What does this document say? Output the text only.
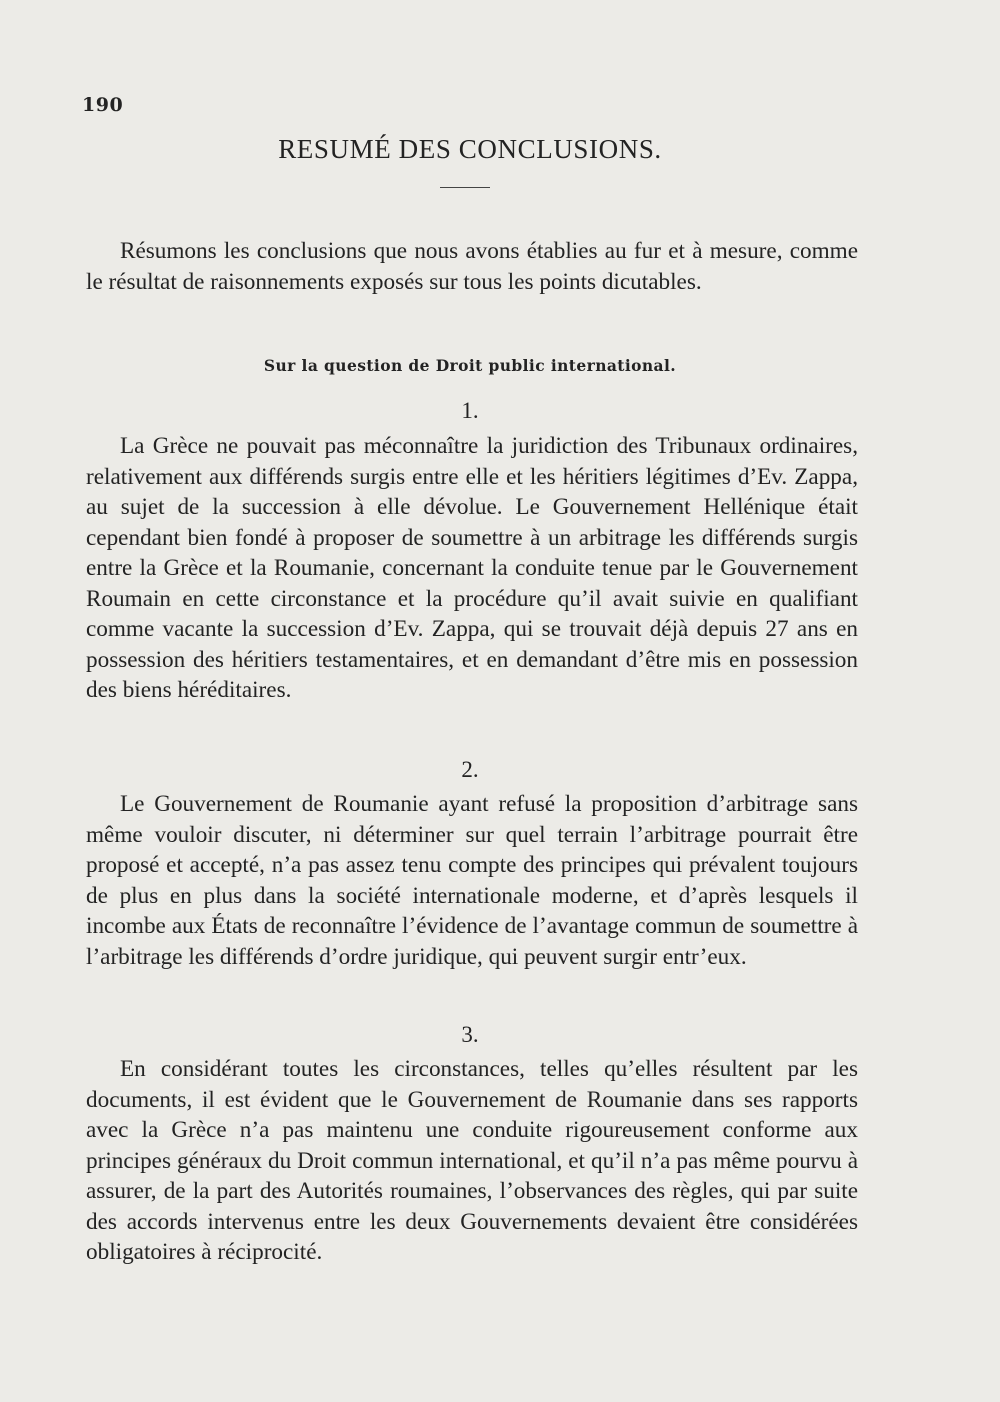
190
RESUMÉ DES CONCLUSIONS.

Résumons les conclusions que nous avons établies au fur et à mesure, comme le résultat de raisonnements exposés sur tous les points dicutables.

Sur la question de Droit public international.
1.

La Grèce ne pouvait pas méconnaître la juridiction des Tribunaux ordinaires, relativement aux différends surgis entre elle et les héritiers légitimes d’Ev. Zappa, au sujet de la succession à elle dévolue. Le Gouvernement Hellénique était cependant bien fondé à proposer de soumettre à un arbitrage les différends surgis entre la Grèce et la Roumanie, concernant la conduite tenue par le Gouvernement Roumain en cette circonstance et la procédure qu’il avait suivie en qualifiant comme vacante la succession d’Ev. Zappa, qui se trouvait déjà depuis 27 ans en possession des héritiers testamentaires, et en demandant d’être mis en possession des biens héréditaires.

2.

Le Gouvernement de Roumanie ayant refusé la proposition d’arbitrage sans même vouloir discuter, ni déterminer sur quel terrain l’arbitrage pourrait être proposé et accepté, n’a pas assez tenu compte des principes qui prévalent toujours de plus en plus dans la société internationale moderne, et d’après lesquels il incombe aux États de reconnaître l’évidence de l’avantage commun de soumettre à l’arbitrage les différends d’ordre juridique, qui peuvent surgir entr’eux.

3.

En considérant toutes les circonstances, telles qu’elles résultent par les documents, il est évident que le Gouvernement de Roumanie dans ses rapports avec la Grèce n’a pas maintenu une conduite rigoureusement conforme aux principes généraux du Droit commun international, et qu’il n’a pas même pourvu à assurer, de la part des Autorités roumaines, l’observances des règles, qui par suite des accords intervenus entre les deux Gouvernements devaient être considérées obligatoires à réciprocité.
